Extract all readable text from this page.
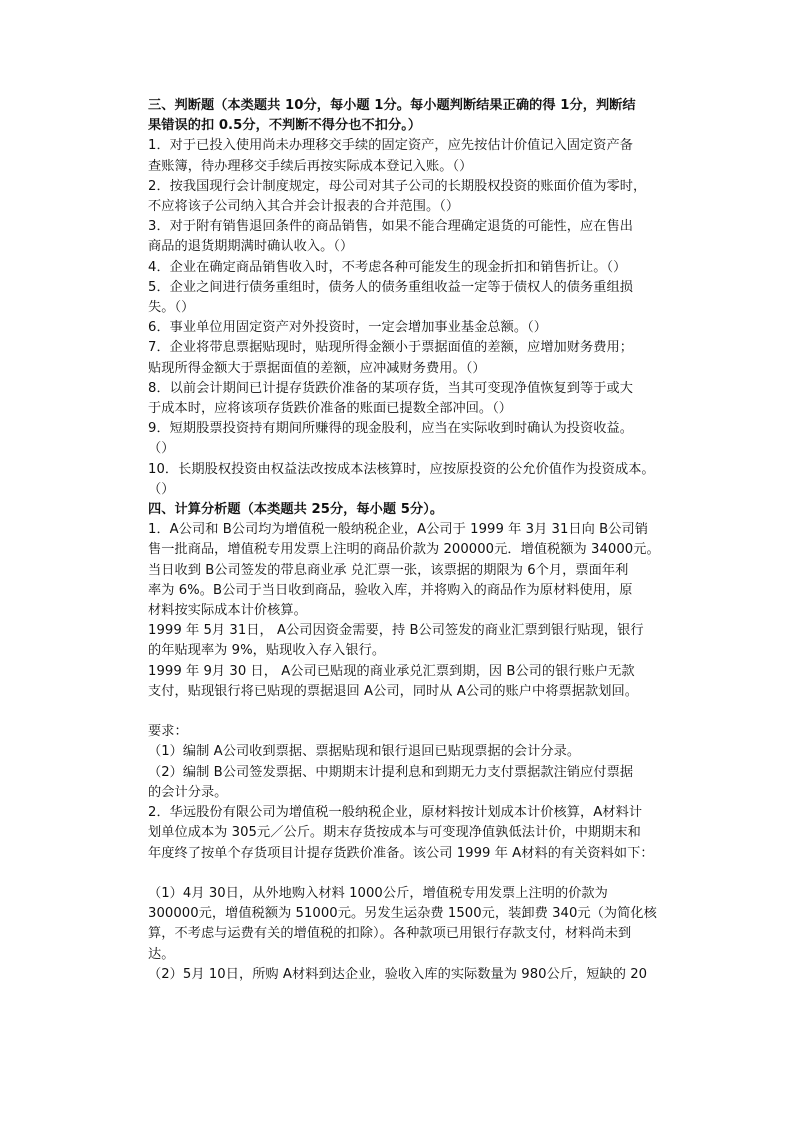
三、判断题（本类题共 10分，每小题 1分。每小题判断结果正确的得 1分，判断结
果错误的扣 0.5分，不判断不得分也不扣分。）
1．对于已投入使用尚未办理移交手续的固定资产，应先按估计价值记入固定资产备
查账簿，待办理移交手续后再按实际成本登记入账。（）
2．按我国现行会计制度规定，母公司对其子公司的长期股权投资的账面价值为零时，
不应将该子公司纳入其合并会计报表的合并范围。（）
3．对于附有销售退回条件的商品销售，如果不能合理确定退货的可能性，应在售出
商品的退货期期满时确认收入。（）
4．企业在确定商品销售收入时，不考虑各种可能发生的现金折扣和销售折让。（）
5．企业之间进行债务重组时，债务人的债务重组收益一定等于债权人的债务重组损
失。（）
6．事业单位用固定资产对外投资时，一定会增加事业基金总额。（）
7．企业将带息票据贴现时，贴现所得金额小于票据面值的差额，应增加财务费用；
贴现所得金额大于票据面值的差额，应冲减财务费用。（）
8．以前会计期间已计提存货跌价准备的某项存货，当其可变现净值恢复到等于或大
于成本时，应将该项存货跌价准备的账面已提数全部冲回。（）
9．短期股票投资持有期间所赚得的现金股利，应当在实际收到时确认为投资收益。
（）
10．长期股权投资由权益法改按成本法核算时，应按原投资的公允价值作为投资成本。
（）
四、计算分析题（本类题共 25分，每小题 5分）。
1．A公司和 B公司均为增值税一般纳税企业，A公司于 1999 年 3月 31日向 B公司销
售一批商品，增值税专用发票上注明的商品价款为 200000元．增值税额为 34000元。
当日收到 B公司签发的带息商业承 兑汇票一张，该票据的期限为 6个月，票面年利
率为 6%。B公司于当日收到商品，验收入库，并将购入的商品作为原材料使用，原
材料按实际成本计价核算。
1999 年 5月 31日， A公司因资金需要，持 B公司签发的商业汇票到银行贴现，银行
的年贴现率为 9%，贴现收入存入银行。
1999 年 9月 30 日， A公司已贴现的商业承兑汇票到期，因 B公司的银行账户无款
支付，贴现银行将已贴现的票据退回 A公司，同时从 A公司的账户中将票据款划回。
要求：
（1）编制 A公司收到票据、票据贴现和银行退回已贴现票据的会计分录。
（2）编制 B公司签发票据、中期期末计提利息和到期无力支付票据款注销应付票据
的会计分录。
2．华远股份有限公司为增值税一般纳税企业，原材料按计划成本计价核算，A材料计
划单位成本为 305元／公斤。期末存货按成本与可变现净值孰低法计价，中期期末和
年度终了按单个存货项目计提存货跌价准备。该公司 1999 年 A材料的有关资料如下：
（1）4月 30日，从外地购入材料 1000公斤，增值税专用发票上注明的价款为
300000元，增值税额为 51000元。另发生运杂费 1500元，装卸费 340元（为简化核
算，不考虑与运费有关的增值税的扣除）。各种款项已用银行存款支付，材料尚未到
达。
（2）5月 10日，所购 A材料到达企业，验收入库的实际数量为 980公斤，短缺的 20
